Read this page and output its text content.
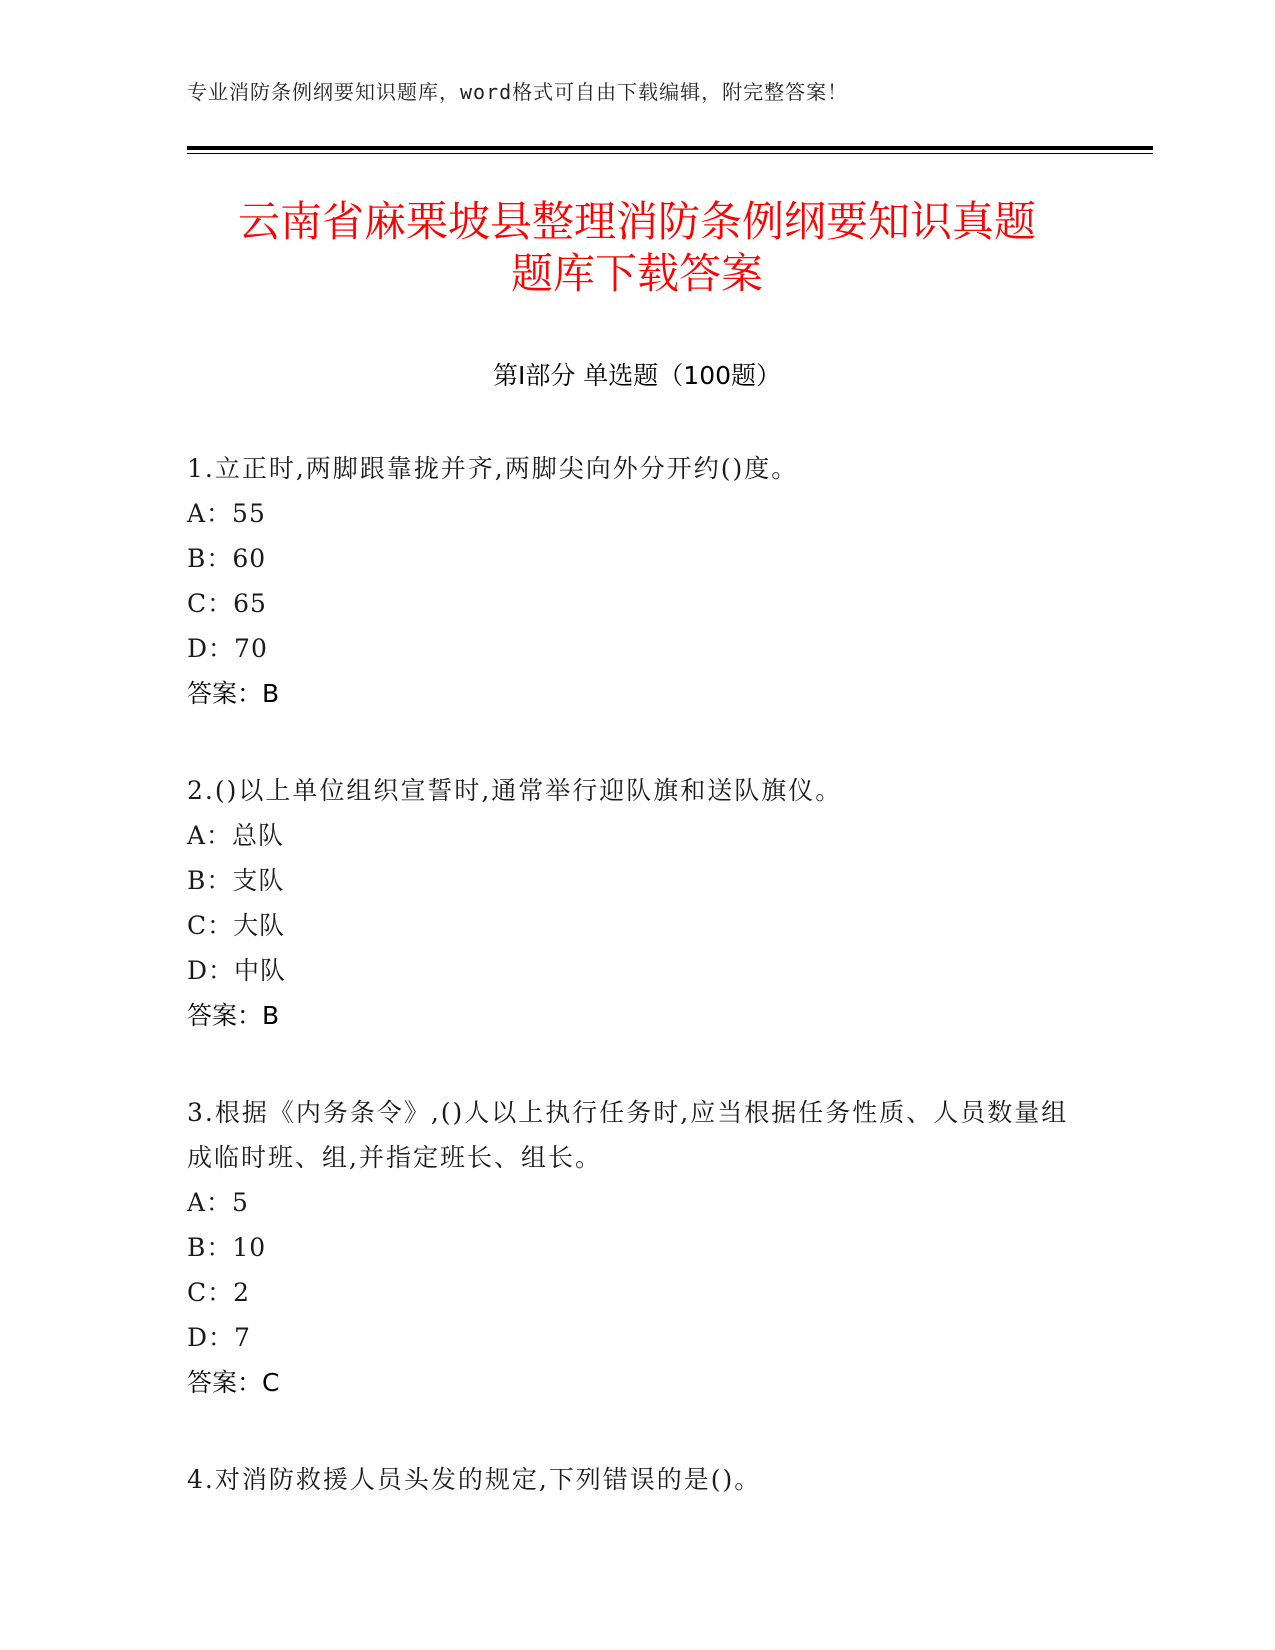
专业消防条例纲要知识题库，word格式可自由下载编辑，附完整答案！
云南省麻栗坡县整理消防条例纲要知识真题
题库下载答案
第Ⅰ部分 单选题（100题）

1.立正时,两脚跟靠拢并齐,两脚尖向外分开约()度。

A：55

B：60

C：65

D：70

答案：B

2.()以上单位组织宣誓时,通常举行迎队旗和送队旗仪。

A：总队

B：支队

C：大队

D：中队

答案：B

3.根据《内务条令》,()人以上执行任务时,应当根据任务性质、人员数量组成临时班、组,并指定班长、组长。

A：5

B：10

C：2

D：7

答案：C

4.对消防救援人员头发的规定,下列错误的是()。
